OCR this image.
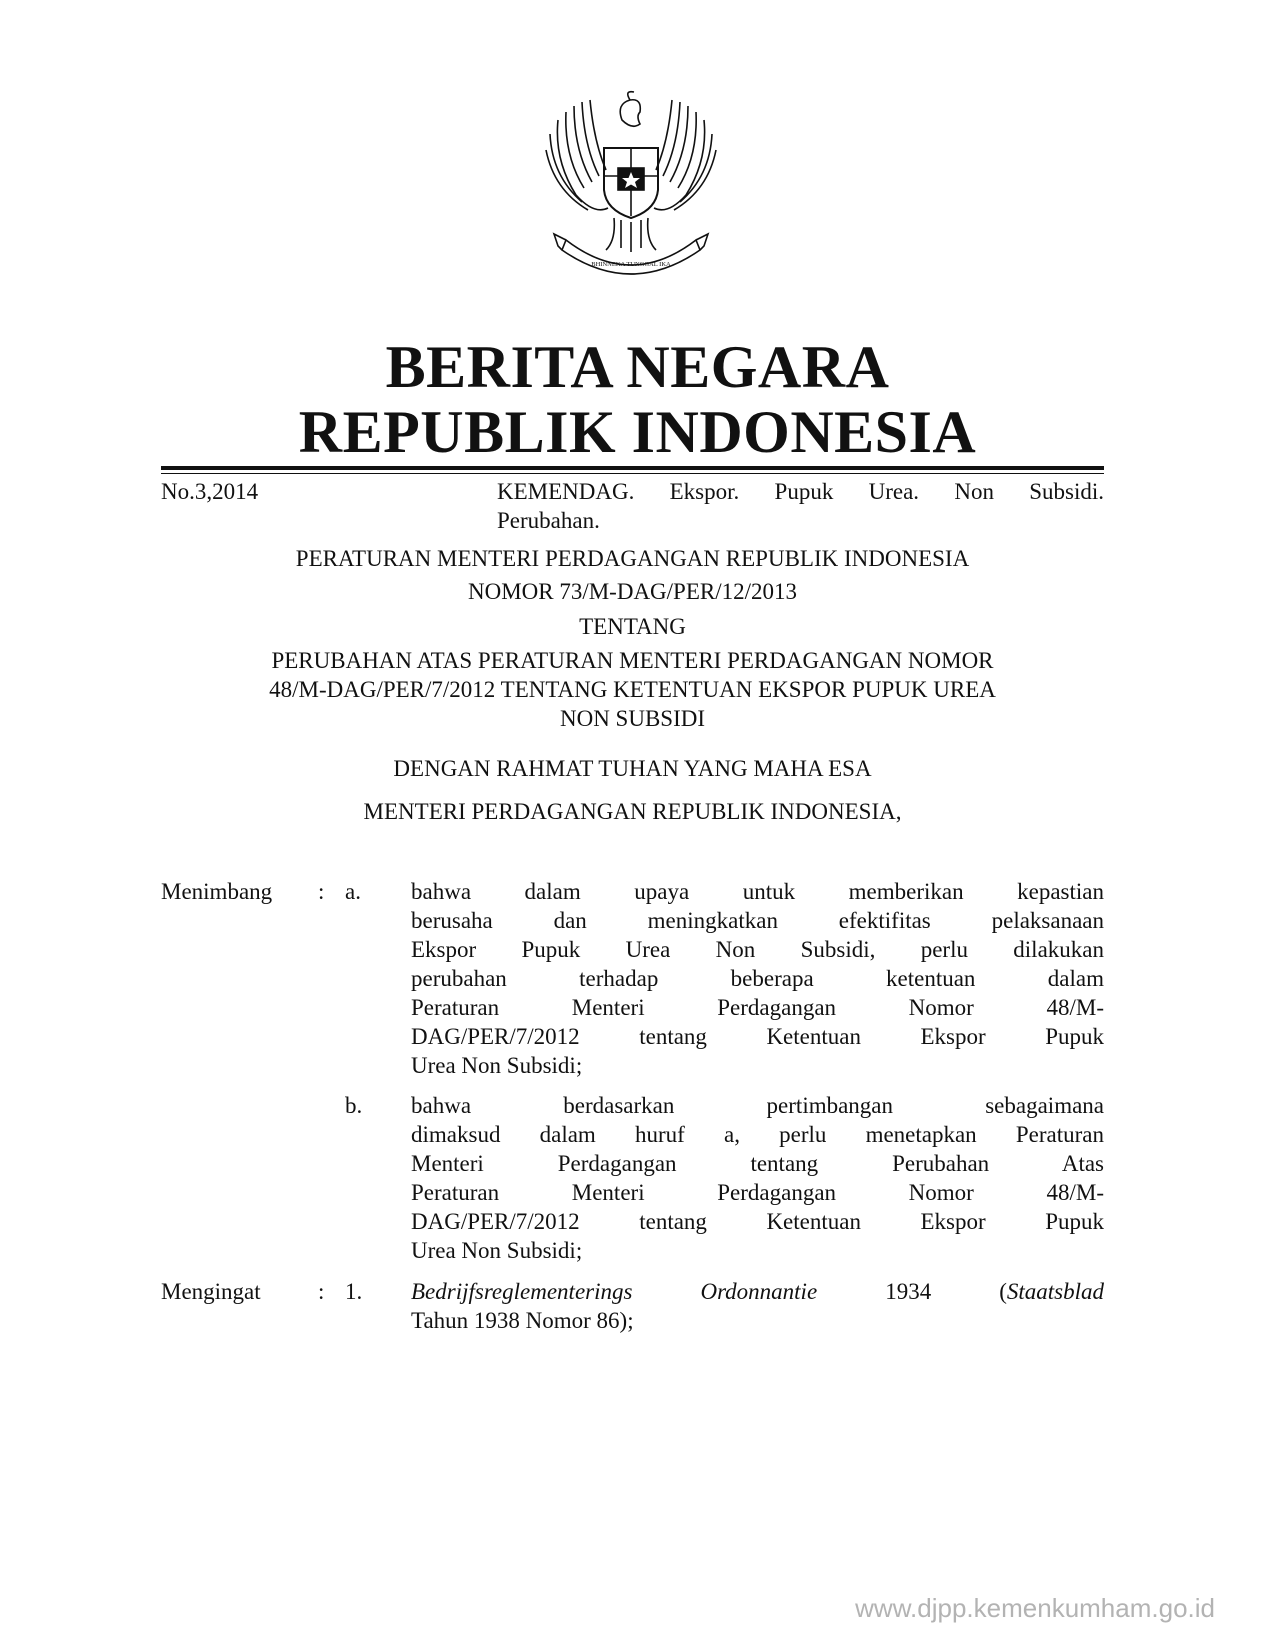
BHINNEKA TUNGGAL IKA
BERITA NEGARA
REPUBLIK INDONESIA
No.3,2014	KEMENDAG. Ekspor. Pupuk Urea. Non Subsidi.
Perubahan.
PERATURAN MENTERI PERDAGANGAN REPUBLIK INDONESIA
NOMOR 73/M-DAG/PER/12/2013
TENTANG
PERUBAHAN ATAS PERATURAN MENTERI PERDAGANGAN NOMOR
48/M-DAG/PER/7/2012 TENTANG KETENTUAN EKSPOR PUPUK UREA
NON SUBSIDI
DENGAN RAHMAT TUHAN YANG MAHA ESA
MENTERI PERDAGANGAN REPUBLIK INDONESIA,
Menimbang : a. bahwa dalam upaya untuk memberikan kepastian
berusaha dan meningkatkan efektifitas pelaksanaan
Ekspor Pupuk Urea Non Subsidi, perlu dilakukan
perubahan terhadap beberapa ketentuan dalam
Peraturan Menteri Perdagangan Nomor 48/M-
DAG/PER/7/2012 tentang Ketentuan Ekspor Pupuk
Urea Non Subsidi;
b. bahwa berdasarkan pertimbangan sebagaimana
dimaksud dalam huruf a, perlu menetapkan Peraturan
Menteri Perdagangan tentang Perubahan Atas
Peraturan Menteri Perdagangan Nomor 48/M-
DAG/PER/7/2012 tentang Ketentuan Ekspor Pupuk
Urea Non Subsidi;
Mengingat : 1. Bedrijfsreglementerings Ordonnantie 1934 (Staatsblad
Tahun 1938 Nomor 86);
www.djpp.kemenkumham.go.id
